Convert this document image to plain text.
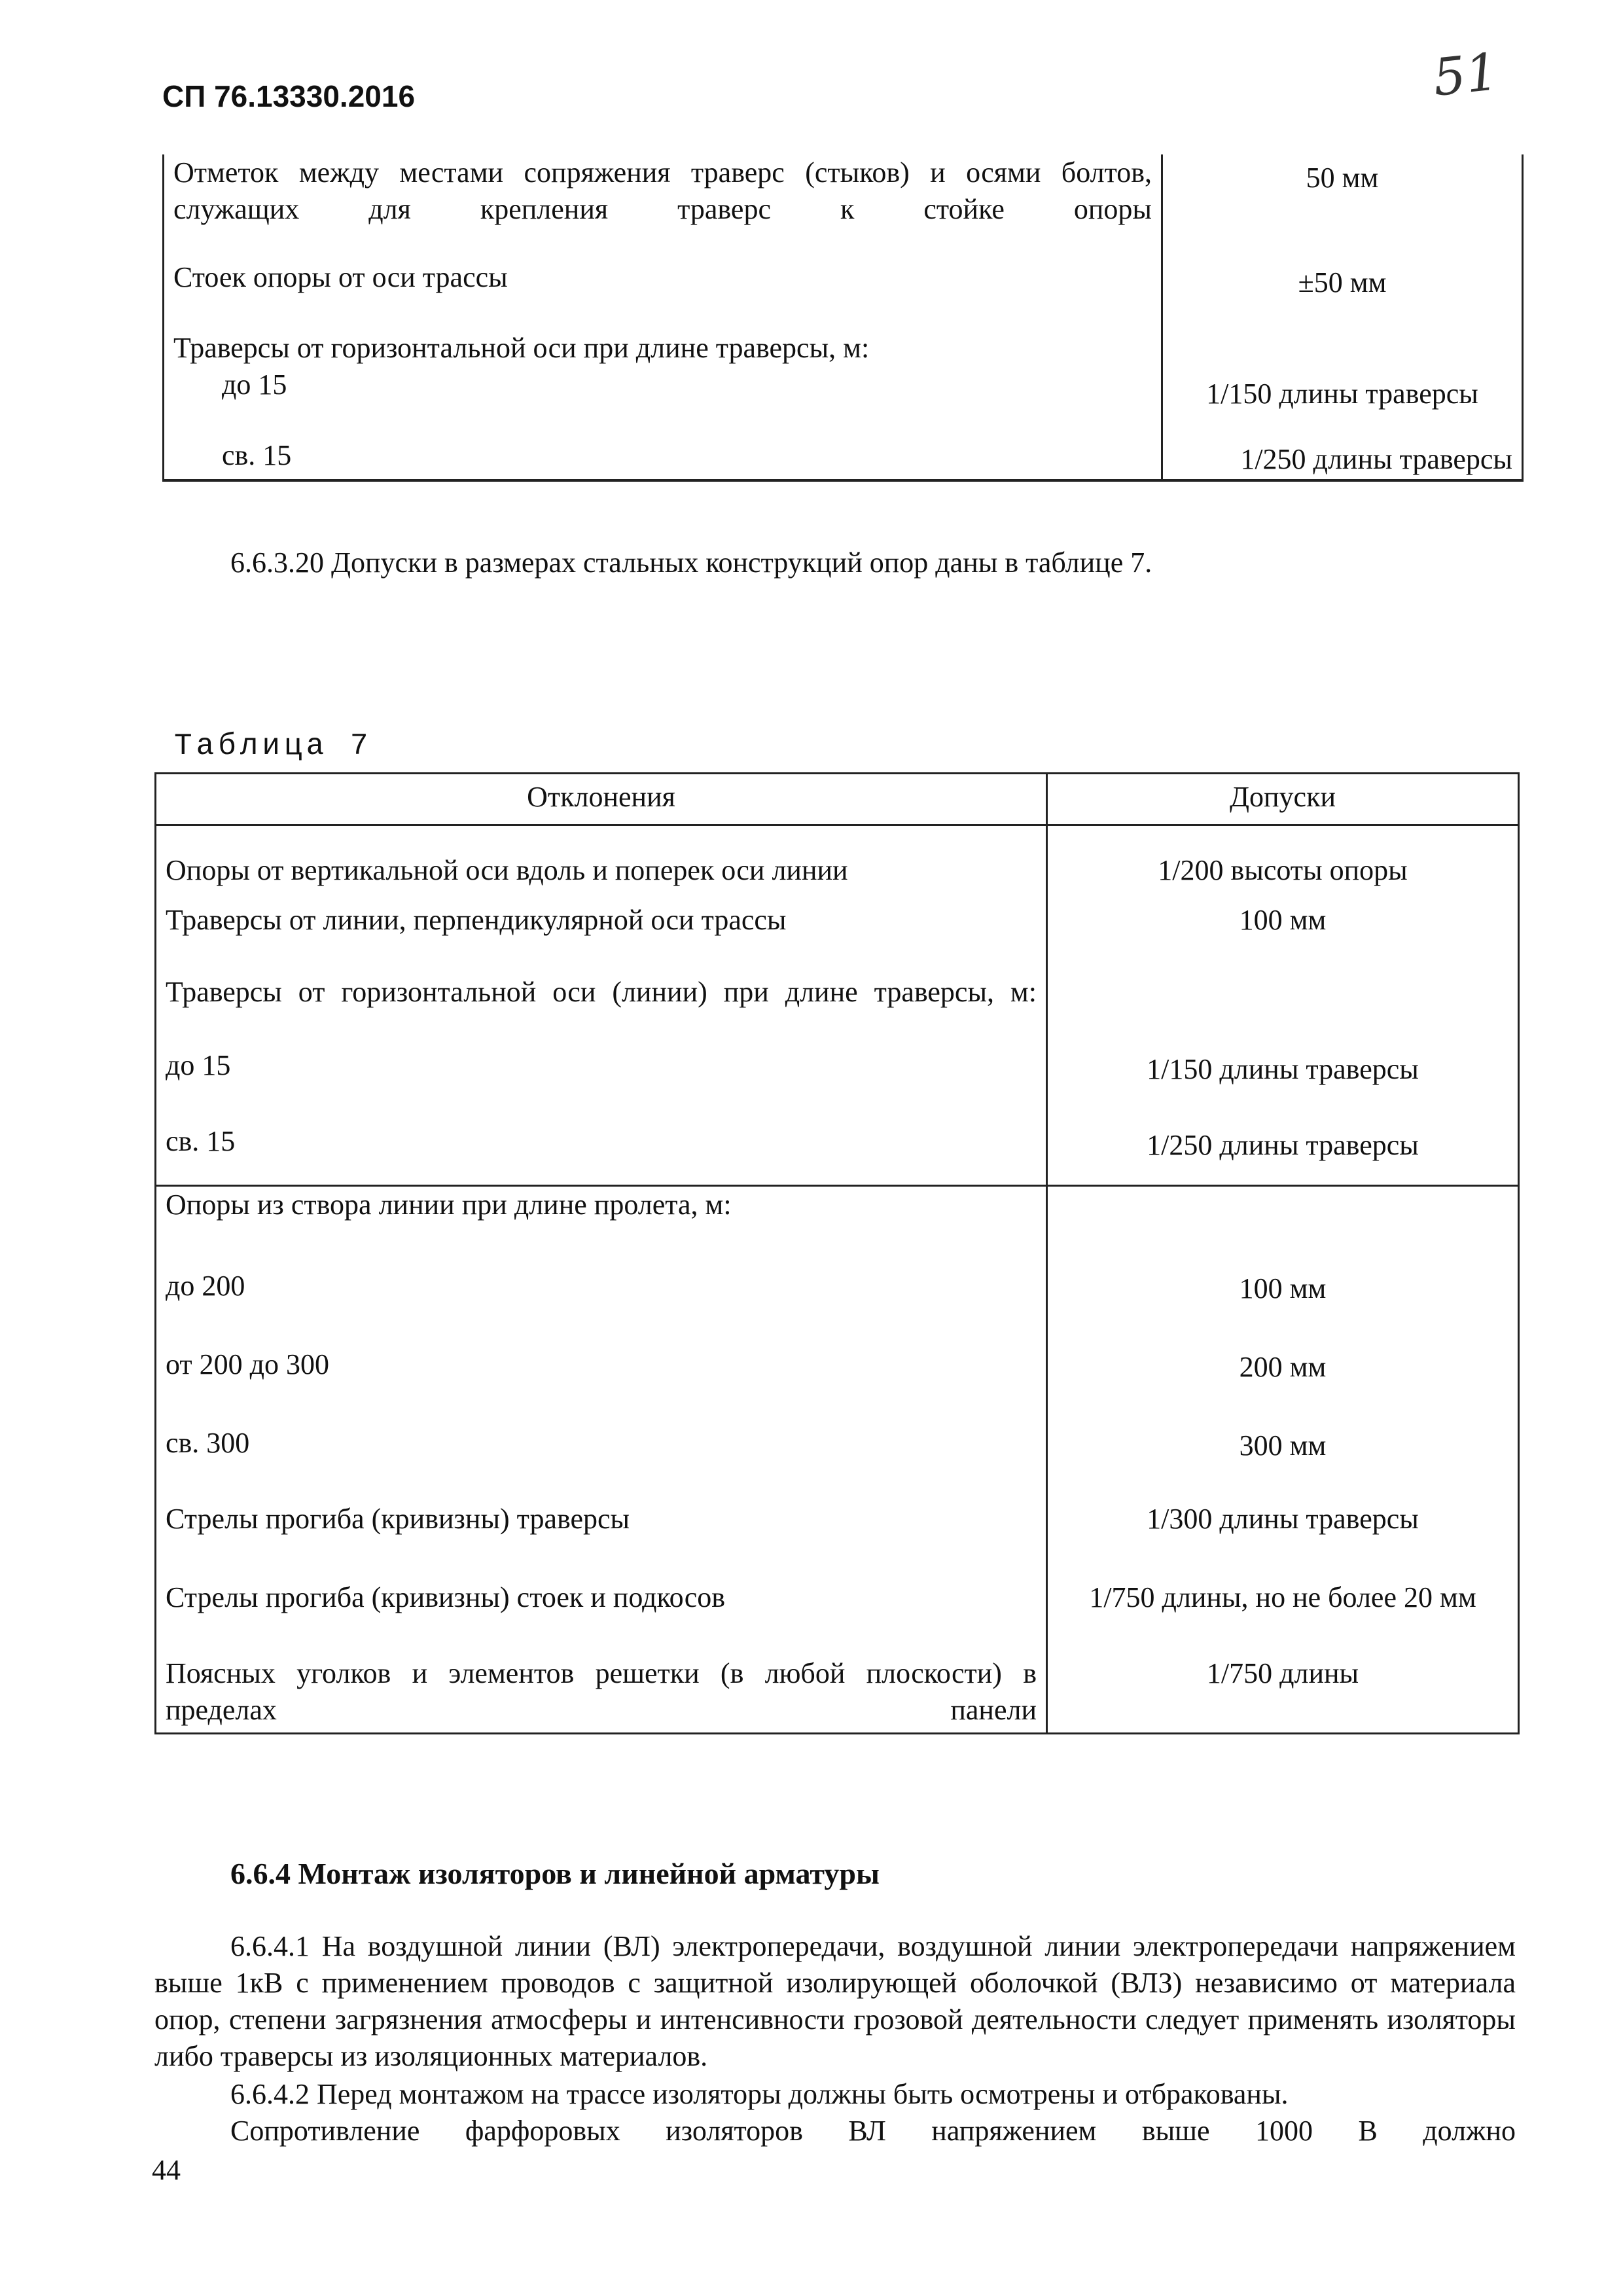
СП 76.13330.2016	51
Отметок между местами сопряжения траверс (стыков) и осями болтов, служащих для крепления траверс к стойке опоры	50 мм
Стоек опоры от оси трассы	±50 мм
Траверсы от горизонтальной оси при длине траверсы, м:	
до 15	1/150 длины траверсы
св. 15	1/250 длины траверсы
6.6.3.20 Допуски в размерах стальных конструкций опор даны в таблице 7.
Таблица 7
Отклонения	Допуски
Опоры от вертикальной оси вдоль и поперек оси линии	1/200 высоты опоры
Траверсы от линии, перпендикулярной оси трассы	100 мм
Траверсы от горизонтальной оси (линии) при длине траверсы, м:	
до 15	1/150 длины траверсы
св. 15	1/250 длины траверсы
Опоры из створа линии при длине пролета, м:	
до 200	100 мм
от 200 до 300	200 мм
св. 300	300 мм
Стрелы прогиба (кривизны) траверсы	1/300 длины траверсы
Стрелы прогиба (кривизны) стоек и подкосов	1/750 длины, но не более 20 мм
Поясных уголков и элементов решетки (в любой плоскости) в пределах панели	1/750 длины
6.6.4 Монтаж изоляторов и линейной арматуры
6.6.4.1 На воздушной линии (ВЛ) электропередачи, воздушной линии электропередачи напряжением выше 1кВ с применением проводов с защитной изолирующей оболочкой (ВЛЗ) независимо от материала опор, степени загрязнения атмосферы и интенсивности грозовой деятельности следует применять изоляторы либо траверсы из изоляционных материалов.
6.6.4.2 Перед монтажом на трассе изоляторы должны быть осмотрены и отбракованы.
Сопротивление фарфоровых изоляторов ВЛ напряжением выше 1000 В должно
44
